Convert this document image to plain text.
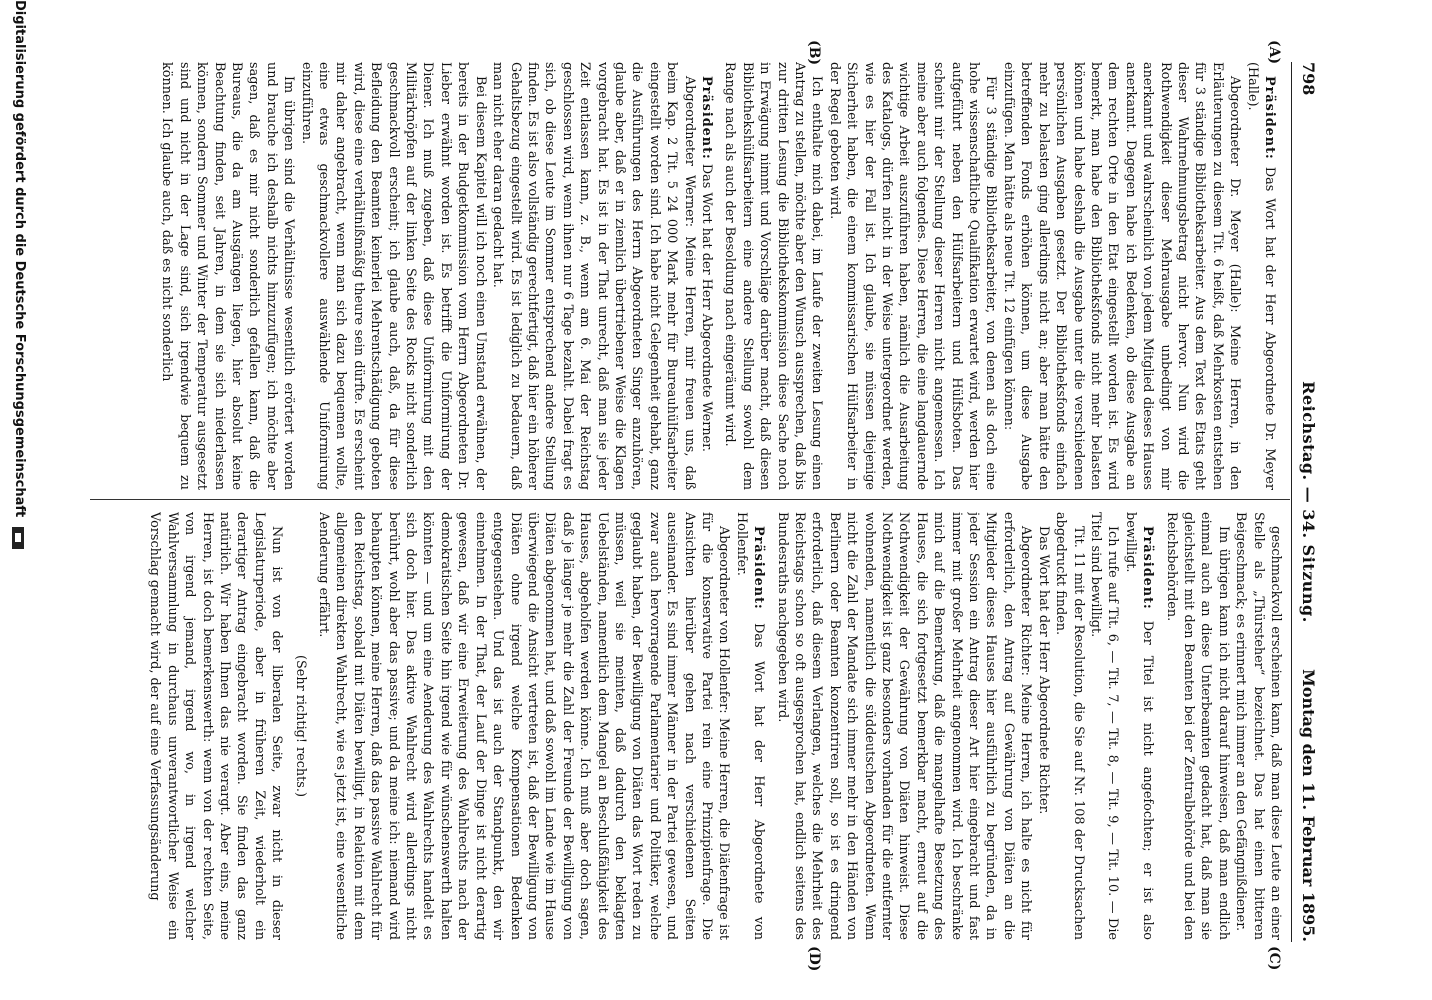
798
Reichstag. — 34. Sitzung.
Montag den 11. Februar 1895.
(A)
(B)
(C)
(D)

Präsident: Das Wort hat der Herr Abgeordnete Dr. Meyer (Halle).

Abgeordneter Dr. Meyer (Halle): Meine Herren, in den Erläuterungen zu diesem Tit. 6 heißt, daß Mehrkosten entstehen für 3 ständige Bibliotheksarbeiter. Aus dem Text des Etats geht dieser Wahrnehmungsbetrag nicht hervor. Nun wird die Rothwendigkeit dieser Mehrausgabe unbedingt von mir anerkannt und wahrscheinlich von jedem Mitglied dieses Hauses anerkannt. Dagegen habe ich Bedenken, ob diese Ausgabe an dem rechten Orte in den Etat eingestellt worden ist. Es wird bemerkt, man habe den Bibliotheksfonds nicht mehr belasten können und habe deshalb die Ausgabe unter die verschiedenen persönlichen Ausgaben gesetzt. Der Bibliotheksfonds einfach mehr zu belasten ging allerdings nicht an; aber man hätte den betreffenden Fonds erhöhen können, um diese Ausgabe einzufügen. Man hätte als neue Tit. 12 einfügen können:

Für 3 ständige Bibliotheksarbeiter, von denen als doch eine hohe wissenschaftliche Qualifikation erwartet wird, werden hier aufgeführt neben den Hülfsarbeitern und Hülfsboten. Das scheint mir der Stellung dieser Herren nicht angemessen. Ich meine aber auch folgendes. Diese Herren, die eine langdauernde wichtige Arbeit auszuführen haben, nämlich die Ausarbeitung des Katalogs, dürfen nicht in der Weise untergeordnet werden, wie es hier der Fall ist. Ich glaube, sie müssen diejenige Sicherheit haben, die einem kommissarischen Hülfsarbeiter in der Regel geboten wird.

Ich enthalte mich dabei, im Laufe der zweiten Lesung einen Antrag zu stellen, möchte aber den Wunsch aussprechen, daß bis zur dritten Lesung die Bibliothekskommission diese Sache noch in Erwägung nimmt und Vorschläge darüber macht, daß diesen Bibliothekshülfsarbeitern eine andere Stellung sowohl dem Range nach als auch der Besoldung nach eingeräumt wird.

Präsident: Das Wort hat der Herr Abgeordnete Werner.

Abgeordneter Werner: Meine Herren, mir freuen uns, daß beim Kap. 2 Tit. 5 24 000 Mark mehr für Bureauhülfsarbeiter eingestellt worden sind. Ich habe nicht Gelegenheit gehabt, ganz die Ausführungen des Herrn Abgeordneten Singer anzuhören, glaube aber, daß er in ziemlich übertriebener Weise die Klagen vorgebracht hat. Es ist in der That unrecht, daß man sie jeder Zeit entlassen kann, z. B., wenn am 6. Mai der Reichstag geschlossen wird, wenn ihnen nur 6 Tage bezahlt. Dabei fragt es sich, ob diese Leute im Sommer entsprechend andere Stellung finden. Es ist also vollständig gerechtfertigt, daß hier ein höherer Gehaltsbezug eingestellt wird. Es ist lediglich zu bedauern, daß man nicht eher daran gedacht hat.

Bei diesem Kapitel will ich noch einen Umstand erwähnen, der bereits in der Budgetkommission vom Herrn Abgeordneten Dr. Lieber erwähnt worden ist. Es betrifft die Uniformirung der Diener. Ich muß zugeben, daß diese Uniformirung mit den Militärknöpfen auf der linken Seite des Rocks nicht sonderlich geschmackvoll erscheint; ich glaube auch, daß, da für diese Befleidung den Beamten keinerlei Mehrentschädigung geboten wird, diese eine verhältnißmäßig theure sein dürfte. Es erscheint mir daher angebracht, wenn man sich dazu bequemen wollte, eine etwas geschmackvollere auswählende Uniformirung einzuführen.

Im übrigen sind die Verhältnisse wesentlich erörtert worden und brauche ich deshalb nichts hinzuzufügen; ich möchte aber sagen, daß es mir nicht sonderlich gefallen kann, daß die Bureaus, die da am Ausgängen liegen, hier absolut keine Beachtung finden, seit Jahren, in dem sie sich niederlassen können, sondern Sommer und Winter der Temperatur ausgesetzt sind und nicht in der Lage sind, sich irgendwie bequem zu können. Ich glaube auch, daß es nicht sonderlich

geschmackvoll erscheinen kann, daß man diese Leute an einer Stelle als „Thürsteher“ bezeichnet. Das hat einen bitteren Beigeschmack; es erinnert mich immer an den Gefängnißdiener.

Im übrigen kann ich nicht darauf hinweisen, daß man endlich einmal auch an diese Unterbeamten gedacht hat, daß man sie gleichstellt mit den Beamten bei der Zentralbehörde und bei den Reichsbehörden.

Präsident: Der Titel ist nicht angefochten; er ist also bewilligt.

Ich rufe auf Tit. 6, — Tit. 7, — Tit. 8, — Tit. 9, — Tit. 10. — Die Titel sind bewilligt.

Tit. 11 mit der Resolution, die Sie auf Nr. 108 der Drucksachen abgedruckt finden.

Das Wort hat der Herr Abgeordnete Richter.

Abgeordneter Richter: Meine Herren, ich halte es nicht für erforderlich, den Antrag auf Gewährung von Diäten an die Mitglieder dieses Hauses hier ausführlich zu begründen, da in jeder Session ein Antrag dieser Art hier eingebracht und fast immer mit großer Mehrheit angenommen wird. Ich beschränke mich auf die Bemerkung, daß die mangelhafte Besetzung des Hauses, die sich fortgesetzt bemerkbar macht, erneut auf die Nothwendigkeit der Gewährung von Diäten hinweist. Diese Nothwendigkeit ist ganz besonders vorhanden für die entfernter wohnenden, namentlich die süddeutschen Abgeordneten. Wenn nicht die Zahl der Mandate sich immer mehr in den Händen von Berlinern oder Beamten konzentriren soll, so ist es dringend erforderlich, daß diesem Verlangen, welches die Mehrheit des Reichstags schon so oft ausgesprochen hat, endlich seitens des Bundesraths nachgegeben wird.

Präsident: Das Wort hat der Herr Abgeordnete von Hollenfer.

Abgeordneter von Hollenfer: Meine Herren, die Diätenfrage ist für die konservative Partei rein eine Prinzipienfrage. Die Ansichten hierüber gehen nach verschiedenen Seiten auseinander. Es sind immer Männer in der Partei gewesen, und zwar auch hervorragende Parlamentarier und Politiker, welche geglaubt haben, der Bewilligung von Diäten das Wort reden zu müssen, weil sie meinten, daß dadurch den beklagten Uebelständen, namentlich dem Mangel an Beschlußfähigkeit des Hauses, abgeholfen werden könne. Ich muß aber doch sagen, daß je länger je mehr die Zahl der Freunde der Bewilligung von Diäten abgenommen hat, und daß sowohl im Lande wie im Hause überwiegend die Ansicht vertreten ist, daß der Bewilligung von Diäten ohne irgend welche Kompensationen Bedenken entgegenstehen. Und das ist auch der Standpunkt, den wir einnehmen. In der That, der Lauf der Dinge ist nicht derartig gewesen, daß wir eine Erweiterung des Wahlrechts nach der demokratischen Seite hin irgend wie für wünschenswerth halten könnten — und um eine Aenderung des Wahlrechts handelt es sich doch hier. Das aktive Wahlrecht wird allerdings nicht berührt, wohl aber das passive; und da meine ich: niemand wird behaupten können, meine Herren, daß das passive Wahlrecht für den Reichstag, sobald mit Diäten bewilligt, in Relation mit dem allgemeinen direkten Wahlrecht, wie es jetzt ist, eine wesentliche Aenderung erfährt.

(Sehr richtig! rechts.)

Nun ist von der liberalen Seite, zwar nicht in dieser Legislaturperiode, aber in früheren Zeit, wiederholt ein derartiger Antrag eingebracht worden. Sie finden das ganz natürlich. Wir haben Ihnen das nie verargt. Aber eins, meine Herren, ist doch bemerkenswerth: wenn von der rechten Seite, von irgend jemand, irgend wo, in irgend welcher Wahlversammlung in durchaus unverantwortlicher Weise ein Vorschlag gemacht wird, der auf eine Verfassungsänderung

Digitalisierung gefördert durch die Deutsche Forschungsgemeinschaft
